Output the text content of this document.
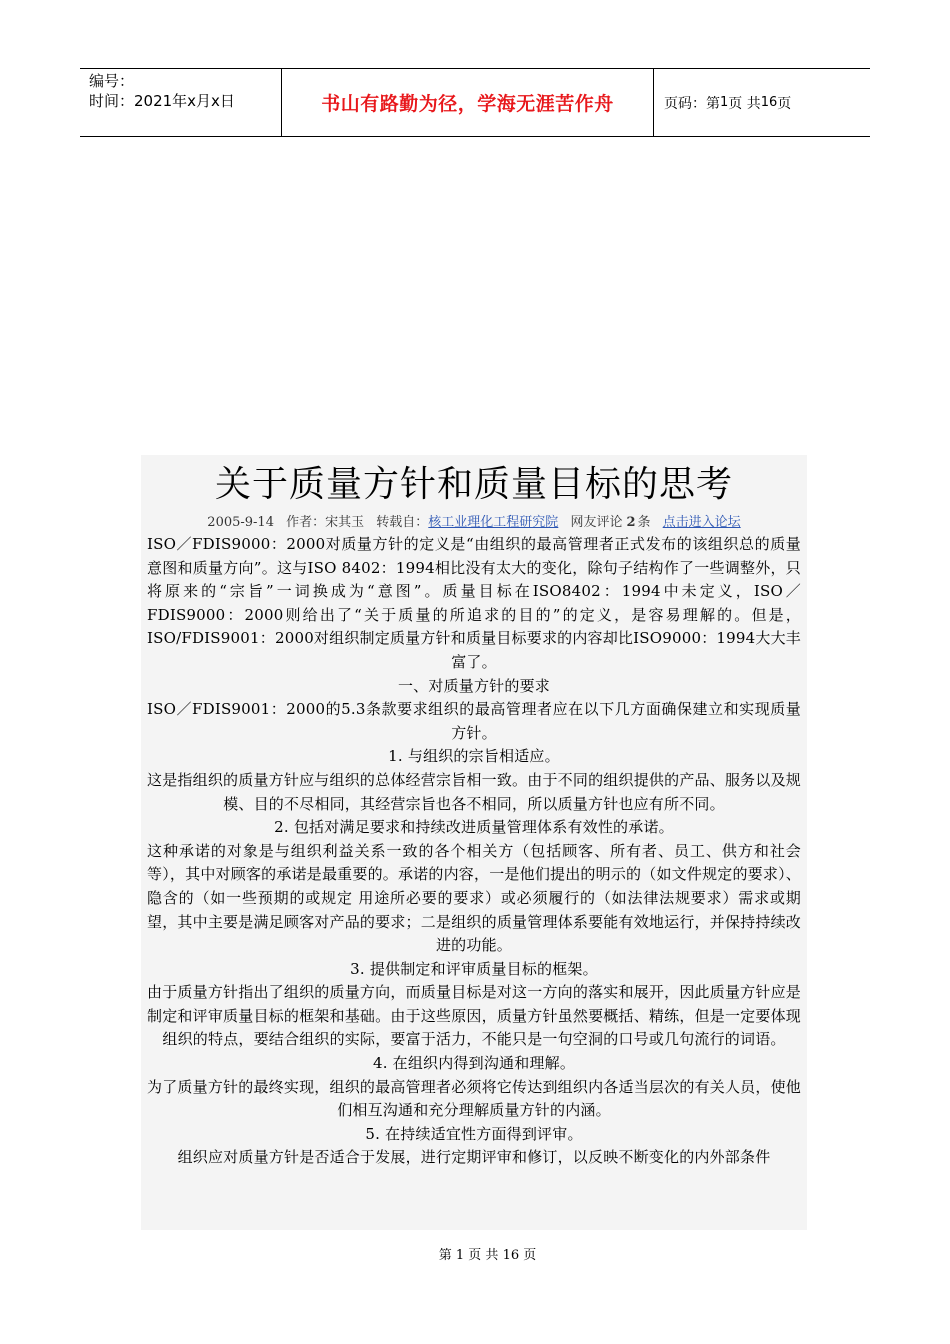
编号：
时间：2021年x月x日	书山有路勤为径，学海无涯苦作舟	页码：第 1 页 共 16 页
关于质量方针和质量目标的思考
2005-9-14 作者：宋其玉 转载自：核工业理化工程研究院 网友评论 2 条 点击进入论坛

ISO／FDIS9000：2000对质量方针的定义是“由组织的最高管理者正式发布的该组织总的质量意图和质量方向”。这与ISO 8402：1994相比没有太大的变化，除句子结构作了一些调整外，只将原来的“宗旨”一词换成为“意图”。质量目标在ISO8402：1994中未定义，ISO／FDIS9000：2000则给出了“关于质量的所追求的目的”的定义，是容易理解的。但是，ISO/FDIS9001：2000对组织制定质量方针和质量目标要求的内容却比ISO9000：1994大大丰富了。

一、对质量方针的要求

ISO／FDIS9001：2000的5.3条款要求组织的最高管理者应在以下几方面确保建立和实现质量方针。

1. 与组织的宗旨相适应。

这是指组织的质量方针应与组织的总体经营宗旨相一致。由于不同的组织提供的产品、服务以及规模、目的不尽相同，其经营宗旨也各不相同，所以质量方针也应有所不同。

2. 包括对满足要求和持续改进质量管理体系有效性的承诺。

这种承诺的对象是与组织利益关系一致的各个相关方（包括顾客、所有者、员工、供方和社会等），其中对顾客的承诺是最重要的。承诺的内容，一是他们提出的明示的（如文件规定的要求）、隐含的（如一些预期的或规定 用途所必要的要求）或必须履行的（如法律法规要求）需求或期望，其中主要是满足顾客对产品的要求；二是组织的质量管理体系要能有效地运行，并保持持续改进的功能。

3. 提供制定和评审质量目标的框架。

由于质量方针指出了组织的质量方向，而质量目标是对这一方向的落实和展开，因此质量方针应是制定和评审质量目标的框架和基础。由于这些原因，质量方针虽然要概括、精练，但是一定要体现组织的特点，要结合组织的实际，要富于活力，不能只是一句空洞的口号或几句流行的词语。

4. 在组织内得到沟通和理解。

为了质量方针的最终实现，组织的最高管理者必须将它传达到组织内各适当层次的有关人员，使他们相互沟通和充分理解质量方针的内涵。

5. 在持续适宜性方面得到评审。

组织应对质量方针是否适合于发展，进行定期评审和修订，以反映不断变化的内外部条件

第 1 页 共 16 页
